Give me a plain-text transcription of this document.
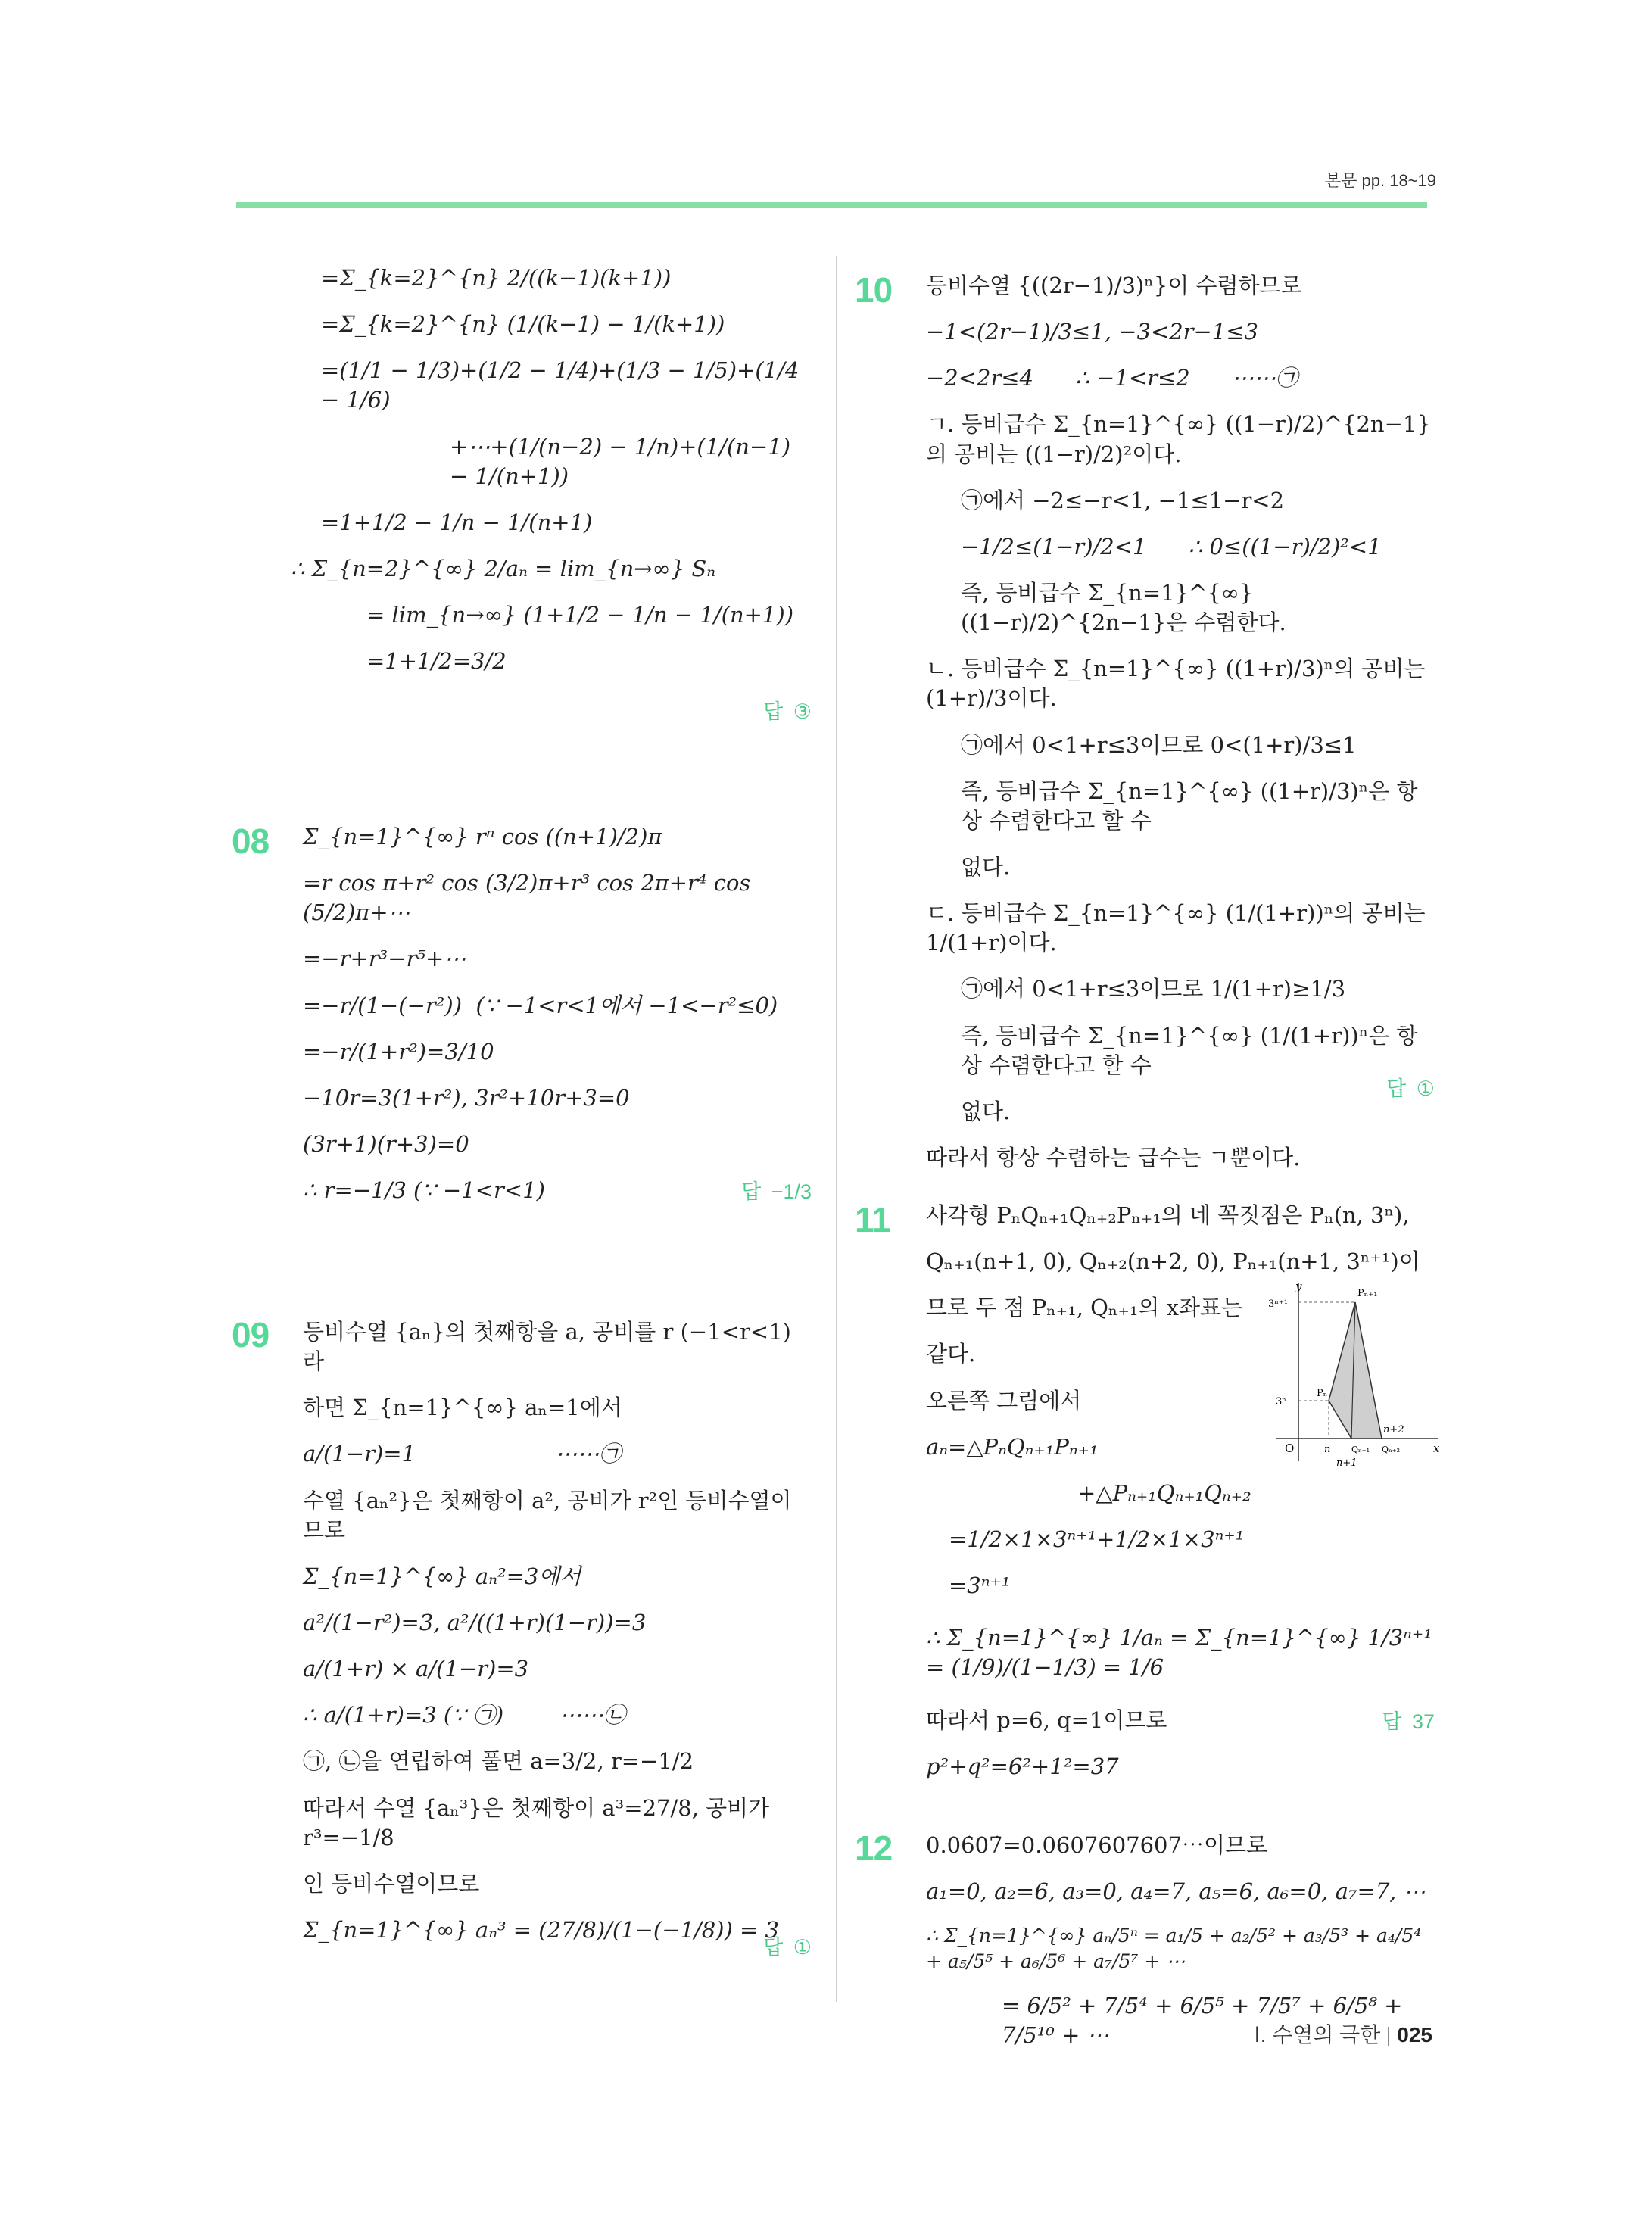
본문 pp. 18~19
=Σ_{k=2}^{n} 2/((k−1)(k+1))
=Σ_{k=2}^{n} (1/(k−1) − 1/(k+1))
=(1/1 − 1/3)+(1/2 − 1/4)+(1/3 − 1/5)+(1/4 − 1/6)
+⋯+(1/(n−2) − 1/n)+(1/(n−1) − 1/(n+1))
=1+1/2 − 1/n − 1/(n+1)
∴ Σ_{n=2}^{∞} 2/aₙ = lim_{n→∞} Sₙ
= lim_{n→∞} (1+1/2 − 1/n − 1/(n+1))
=1+1/2=3/2
답 ③
08 Σ_{n=1}^{∞} rⁿ cos ((n+1)/2)π
=r cos π+r² cos (3/2)π+r³ cos 2π+r⁴ cos (5/2)π+⋯
=−r+r³−r⁵+⋯
=−r/(1−(−r²))  (∵ −1<r<1에서 −1<−r²≤0)
=−r/(1+r²)=3/10
−10r=3(1+r²), 3r²+10r+3=0
(3r+1)(r+3)=0
∴ r=−1/3 (∵ −1<r<1)	답 −1/3
09 등비수열 {aₙ}의 첫째항을 a, 공비를 r (−1<r<1)라
하면 Σ_{n=1}^{∞} aₙ=1에서
a/(1−r)=1                    ⋯⋯㉠
수열 {aₙ²}은 첫째항이 a², 공비가 r²인 등비수열이므로
Σ_{n=1}^{∞} aₙ²=3에서
a²/(1−r²)=3, a²/((1+r)(1−r))=3
a/(1+r) × a/(1−r)=3
∴ a/(1+r)=3 (∵ ㉠)        ⋯⋯㉡
㉠, ㉡을 연립하여 풀면 a=3/2, r=−1/2
따라서 수열 {aₙ³}은 첫째항이 a³=27/8, 공비가 r³=−1/8
인 등비수열이므로
Σ_{n=1}^{∞} aₙ³ = (27/8)/(1−(−1/8)) = 3
답 ①
10 등비수열 {((2r−1)/3)ⁿ}이 수렴하므로
−1<(2r−1)/3≤1, −3<2r−1≤3
−2<2r≤4      ∴ −1<r≤2      ⋯⋯㉠
ㄱ. 등비급수 Σ_{n=1}^{∞} ((1−r)/2)^{2n−1}의 공비는 ((1−r)/2)²이다.
㉠에서 −2≤−r<1, −1≤1−r<2
−1/2≤(1−r)/2<1      ∴ 0≤((1−r)/2)²<1
즉, 등비급수 Σ_{n=1}^{∞} ((1−r)/2)^{2n−1}은 수렴한다.
ㄴ. 등비급수 Σ_{n=1}^{∞} ((1+r)/3)ⁿ의 공비는 (1+r)/3이다.
㉠에서 0<1+r≤3이므로 0<(1+r)/3≤1
즉, 등비급수 Σ_{n=1}^{∞} ((1+r)/3)ⁿ은 항상 수렴한다고 할 수
없다.
ㄷ. 등비급수 Σ_{n=1}^{∞} (1/(1+r))ⁿ의 공비는 1/(1+r)이다.
㉠에서 0<1+r≤3이므로 1/(1+r)≥1/3
즉, 등비급수 Σ_{n=1}^{∞} (1/(1+r))ⁿ은 항상 수렴한다고 할 수
없다.
따라서 항상 수렴하는 급수는 ㄱ뿐이다.
답 ①
11 사각형 PₙQₙ₊₁Qₙ₊₂Pₙ₊₁의 네 꼭짓점은 Pₙ(n, 3ⁿ),
Qₙ₊₁(n+1, 0), Qₙ₊₂(n+2, 0), Pₙ₊₁(n+1, 3ⁿ⁺¹)이
므로 두 점 Pₙ₊₁, Qₙ₊₁의 x좌표는
같다.
오른쪽 그림에서
aₙ=△PₙQₙ₊₁Pₙ₊₁
+△Pₙ₊₁Qₙ₊₁Qₙ₊₂
=1/2×1×3ⁿ⁺¹+1/2×1×3ⁿ⁺¹
=3ⁿ⁺¹
∴ Σ_{n=1}^{∞} 1/aₙ = Σ_{n=1}^{∞} 1/3ⁿ⁺¹ = (1/9)/(1−1/3) = 1/6
따라서 p=6, q=1이므로
p²+q²=6²+1²=37
y
x
O
3ⁿ⁺¹
3ⁿ
Pₙ
Pₙ₊₁
n
n+1
n+2
Qₙ₊₁ Qₙ₊₂
답 37
12 0.06̇07̇=0.0607607607⋯이므로
a₁=0, a₂=6, a₃=0, a₄=7, a₅=6, a₆=0, a₇=7, ⋯
∴ Σ_{n=1}^{∞} aₙ/5ⁿ = a₁/5 + a₂/5² + a₃/5³ + a₄/5⁴ + a₅/5⁵ + a₆/5⁶ + a₇/5⁷ + ⋯
= 6/5² + 7/5⁴ + 6/5⁵ + 7/5⁷ + 6/5⁸ + 7/5¹⁰ + ⋯	Ⅰ. 수열의 극한 025
